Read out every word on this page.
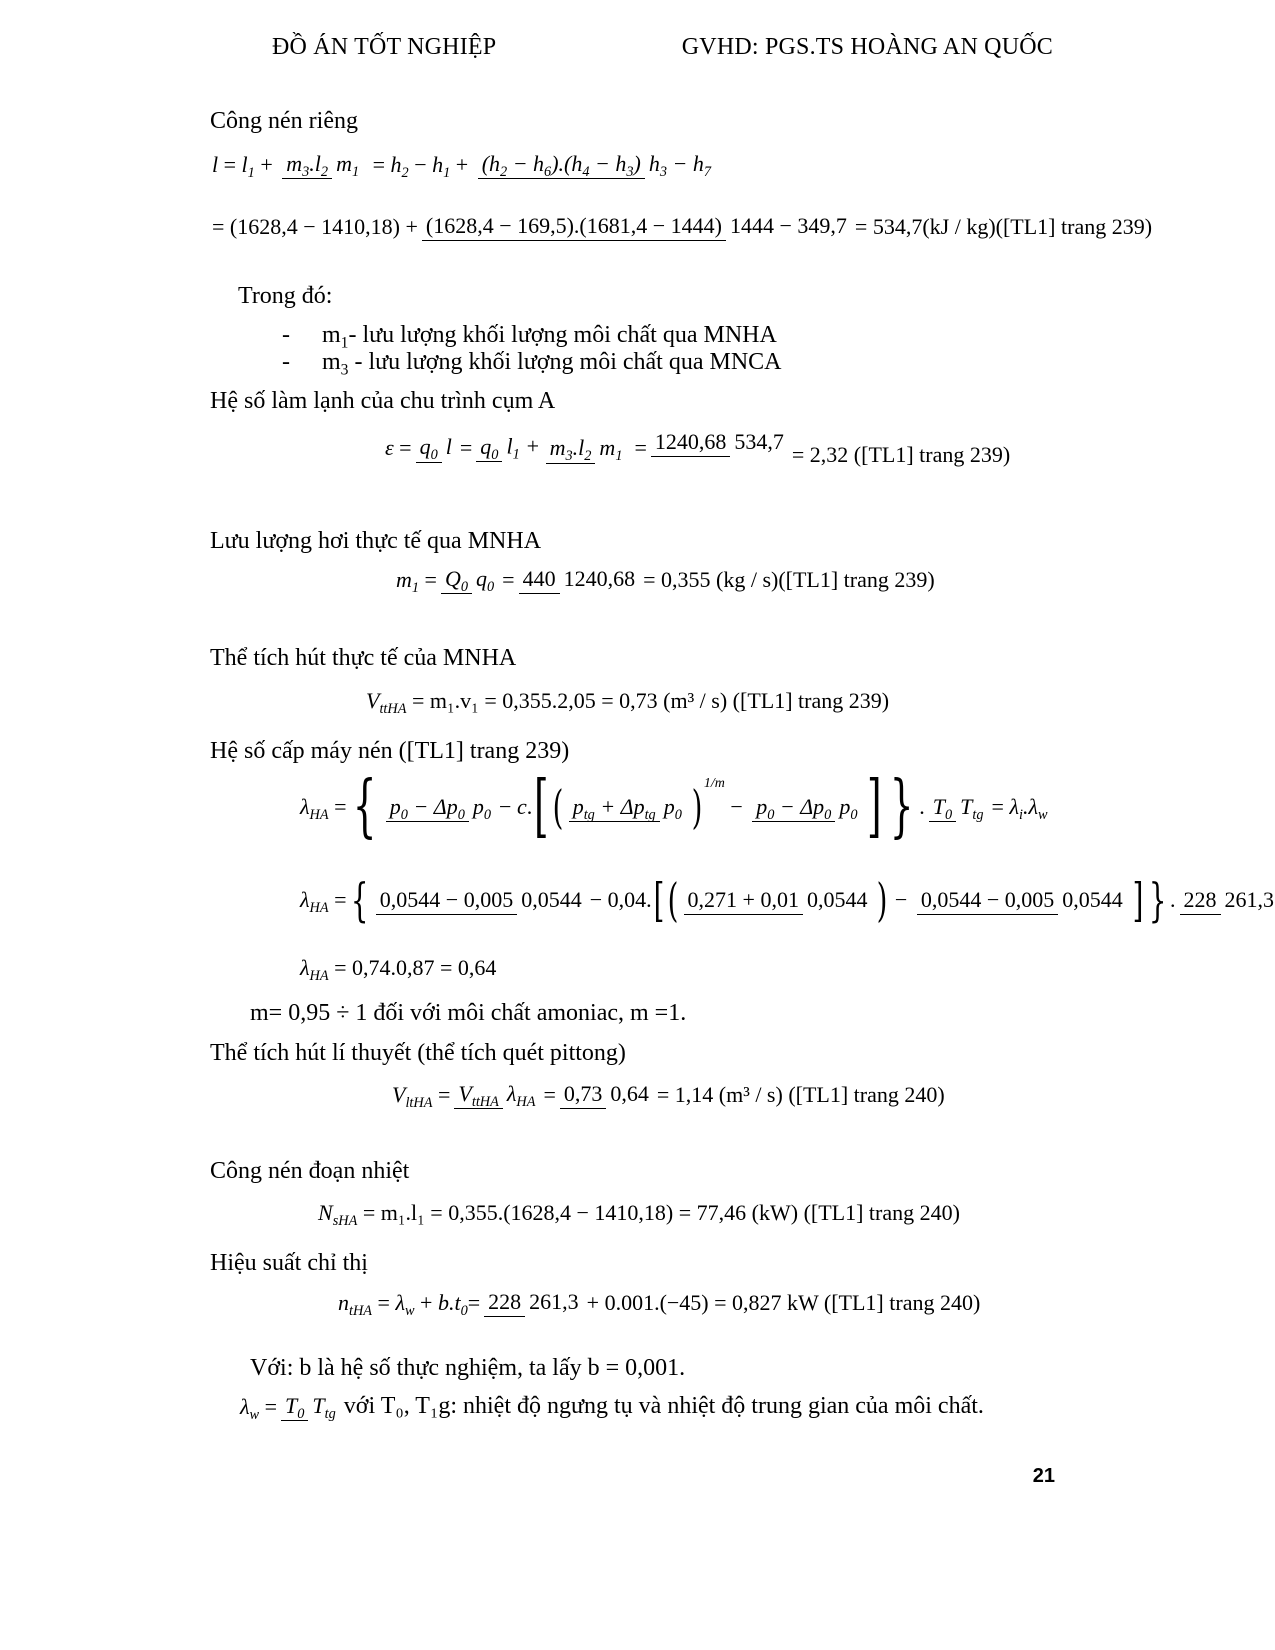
ĐỒ ÁN TỐT NGHIỆP	GVHD: PGS.TS HOÀNG AN QUỐC
Công nén riêng
$l = l_1 + m_3.l_2$ $m_1 = h_2 - h_1 + (h_2 - h_6).(h_4 - h_3) h_3 - h_7$
= (1628,4 − 1410,18) + (1628,4 − 169,5).(1681,4 − 1444) 1444 − 349,7 = 534,7(kJ / kg)([TL1] trang 239)
Trong đó:
- $m_1-$ lưu lượng khối lượng môi chất qua MNHA
- $m_3$ - lưu lượng khối lượng môi chất qua MNCA
Hệ số làm lạnh của chu trình cụm A
$\varepsilon = q_0$ $l = q_0$ $l_1 + m_3.l_2$ $m_1 = 1240,68$ 534,7
= 2,32 ([TL1] trang 239)
Lưu lượng hơi thực tế qua MNHA
$m_1 = Q_0$ $q_0 = 440$ 1240,68 = 0,355 (kg / s)([TL1] trang 239)
Thể tích hút thực tế của MNHA
$V_{ttHA}$
= m₁.v₁ = 0,355.2,05 = 0,73 (m³ / s) ([TL1] trang 239)
Hệ số cấp máy nén ([TL1] trang 239)
$\lambda_{HA}$ = { $p_0 - \Delta p_0$ $p_0 - c$ . [ ( $p_{tg} + \Delta p_{tg}$ $p_0$ ) 1/m
− $p_0 - \Delta p_0$ $p_0$ ] } . $T_0$ $T_{tg} = \lambda_i.\lambda_w$
$\lambda_{HA}$ = { 0,0544 − 0,005 0,0544 − 0,04. [ ( 0,271 + 0,01 0,0544 ) − 0,0544 − 0,005 0,0544 ] } . 228 261,3
$\lambda_{HA}$
= 0,74.0,87 = 0,64
m= 0,95 ÷ 1 đối với môi chất amoniac, m =1.
Thể tích hút lí thuyết (thể tích quét pittong)
$V_{ltHA} = V_{ttHA}$ $\lambda_{HA} = 0,73$ 0,64 = 1,14 (m³ / s) ([TL1] trang 240)
Công nén đoạn nhiệt
$N_{sHA}$
= m₁.l₁ = 0,355.(1628,4 − 1410,18) = 77,46 (kW) ([TL1] trang 240)
Hiệu suất chỉ thị
$n_{tHA} = \lambda_w + b.t_0 = 228$ 261,3 + 0.001.(−45) = 0,827 kW ([TL1] trang 240)
Với: b là hệ số thực nghiệm, ta lấy b = 0,001.
$\lambda_w = T_0$ $T_{tg}$ với T₀, T₁g: nhiệt độ ngưng tụ và nhiệt độ trung gian của môi chất.
21
